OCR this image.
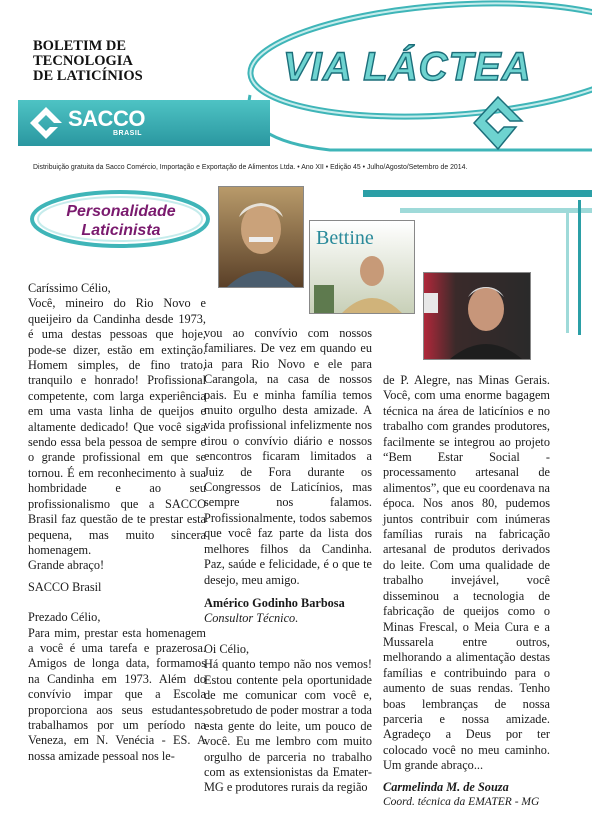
BOLETIM DE
TECNOLOGIA
DE LATICÍNIOS
SACCO
BRASIL
VIA LÁCTEA
Distribuição gratuita da Sacco Comércio, Importação e Exportação de Alimentos Ltda. • Ano XII • Edição 45 • Julho/Agosto/Setembro de 2014.
Personalidade
Laticinista	Bettine

Caríssimo Célio,

Você, mineiro do Rio Novo e queijeiro da Candinha desde 1973, é uma destas pessoas que hoje, pode-se dizer, estão em extinção. Homem simples, de fino trato, tranquilo e honrado! Profissional competente, com larga experiência em uma vasta linha de queijos e altamente dedicado! Que você siga sendo essa bela pessoa de sempre e o grande profissional em que se tornou. É em reconhecimento à sua hombridade e ao seu profissionalismo que a SACCO Brasil faz questão de te prestar esta pequena, mas muito sincera homenagem.

Grande abraço!

SACCO Brasil

Prezado Célio,

Para mim, prestar esta homenagem a você é uma tarefa e prazerosa. Amigos de longa data, formamos na Candinha em 1973. Além do convívio impar que a Escola proporciona aos seus estudantes, trabalhamos por um período na Veneza, em N. Venécia - ES. A nossa amizade pessoal nos le-

vou ao convívio com nossos familiares. De vez em quando eu ia para Rio Novo e ele para Carangola, na casa de nossos pais. Eu e minha família temos muito orgulho desta amizade. A vida profissional infelizmente nos tirou o convívio diário e nossos encontros ficaram limitados a Juiz de Fora durante os Congressos de Laticínios, mas sempre nos falamos. Profissionalmente, todos sabemos que você faz parte da lista dos melhores filhos da Candinha. Paz, saúde e felicidade, é o que te desejo, meu amigo.

Américo Godinho Barbosa
Consultor Técnico.

Oi Célio,

Há quanto tempo não nos vemos! Estou contente pela oportunidade de me comunicar com você e, sobretudo de poder mostrar a toda esta gente do leite, um pouco de você. Eu me lembro com muito orgulho de parceria no trabalho com as extensionistas da Emater-MG e produtores rurais da região

de P. Alegre, nas Minas Gerais. Você, com uma enorme bagagem técnica na área de laticínios e no trabalho com grandes produtores, facilmente se integrou ao projeto “Bem Estar Social - processamento artesanal de alimentos”, que eu coordenava na época. Nos anos 80, pudemos juntos contribuir com inúmeras famílias rurais na fabricação artesanal de produtos derivados do leite. Com uma qualidade de trabalho invejável, você disseminou a tecnologia de fabricação de queijos como o Minas Frescal, o Meia Cura e a Mussarela entre outros, melhorando a alimentação destas famílias e contribuindo para o aumento de suas rendas. Tenho boas lembranças de nossa parceria e nossa amizade. Agradeço a Deus por ter colocado você no meu caminho. Um grande abraço...

Carmelinda M. de Souza
Coord. técnica da EMATER - MG
